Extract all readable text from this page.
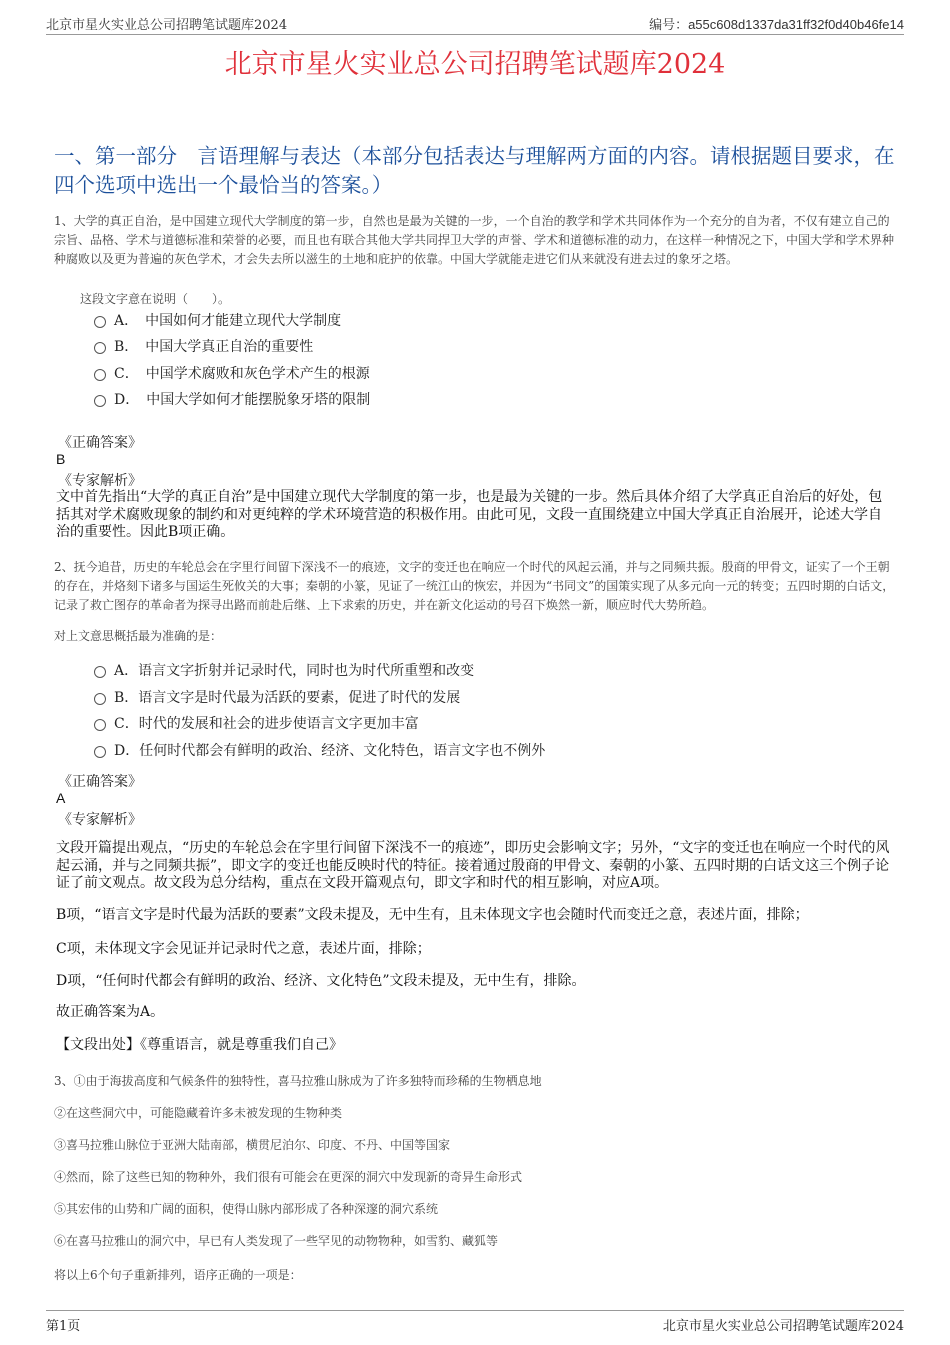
北京市星火实业总公司招聘笔试题库2024	编号：a55c608d1337da31ff32f0d40b46fe14
北京市星火实业总公司招聘笔试题库2024
一、第一部分　言语理解与表达（本部分包括表达与理解两方面的内容。请根据题目要求，在四个选项中选出一个最恰当的答案。）
1、大学的真正自治，是中国建立现代大学制度的第一步，自然也是最为关键的一步，一个自治的教学和学术共同体作为一个充分的自为者，不仅有建立自己的宗旨、品格、学术与道德标准和荣誉的必要，而且也有联合其他大学共同捍卫大学的声誉、学术和道德标准的动力，在这样一种情况之下，中国大学和学术界种种腐败以及更为普遍的灰色学术，才会失去所以滋生的土地和庇护的依靠。中国大学就能走进它们从来就没有进去过的象牙之塔。
这段文字意在说明（　　）。
A．　中国如何才能建立现代大学制度
B．　中国大学真正自治的重要性
C．　中国学术腐败和灰色学术产生的根源
D．　中国大学如何才能摆脱象牙塔的限制
《正确答案》
B
《专家解析》
文中首先指出“大学的真正自治”是中国建立现代大学制度的第一步，也是最为关键的一步。然后具体介绍了大学真正自治后的好处，包括其对学术腐败现象的制约和对更纯粹的学术环境营造的积极作用。由此可见，文段一直围绕建立中国大学真正自治展开，论述大学自治的重要性。因此B项正确。
2、抚今追昔，历史的车轮总会在字里行间留下深浅不一的痕迹，文字的变迁也在响应一个时代的风起云涌，并与之同频共振。殷商的甲骨文，证实了一个王朝的存在，并烙刻下诸多与国运生死攸关的大事；秦朝的小篆，见证了一统江山的恢宏，并因为“书同文”的国策实现了从多元向一元的转变；五四时期的白话文，记录了救亡图存的革命者为探寻出路而前赴后继、上下求索的历史，并在新文化运动的号召下焕然一新，顺应时代大势所趋。
对上文意思概括最为准确的是：
A．语言文字折射并记录时代，同时也为时代所重塑和改变
B．语言文字是时代最为活跃的要素，促进了时代的发展
C．时代的发展和社会的进步使语言文字更加丰富
D．任何时代都会有鲜明的政治、经济、文化特色，语言文字也不例外
《正确答案》
A
《专家解析》
文段开篇提出观点，“历史的车轮总会在字里行间留下深浅不一的痕迹”，即历史会影响文字；另外，“文字的变迁也在响应一个时代的风起云涌，并与之同频共振”，即文字的变迁也能反映时代的特征。接着通过殷商的甲骨文、秦朝的小篆、五四时期的白话文这三个例子论证了前文观点。故文段为总分结构，重点在文段开篇观点句，即文字和时代的相互影响，对应A项。
B项，“语言文字是时代最为活跃的要素”文段未提及，无中生有，且未体现文字也会随时代而变迁之意，表述片面，排除；
C项，未体现文字会见证并记录时代之意，表述片面，排除；
D项，“任何时代都会有鲜明的政治、经济、文化特色”文段未提及，无中生有，排除。
故正确答案为A。
【文段出处】《尊重语言，就是尊重我们自己》
3、①由于海拔高度和气候条件的独特性，喜马拉雅山脉成为了许多独特而珍稀的生物栖息地
②在这些洞穴中，可能隐藏着许多未被发现的生物种类
③喜马拉雅山脉位于亚洲大陆南部，横贯尼泊尔、印度、不丹、中国等国家
④然而，除了这些已知的物种外，我们很有可能会在更深的洞穴中发现新的奇异生命形式
⑤其宏伟的山势和广阔的面积，使得山脉内部形成了各种深邃的洞穴系统
⑥在喜马拉雅山的洞穴中，早已有人类发现了一些罕见的动物物种，如雪豹、藏狐等
将以上6个句子重新排列，语序正确的一项是：
第1页	北京市星火实业总公司招聘笔试题库2024
